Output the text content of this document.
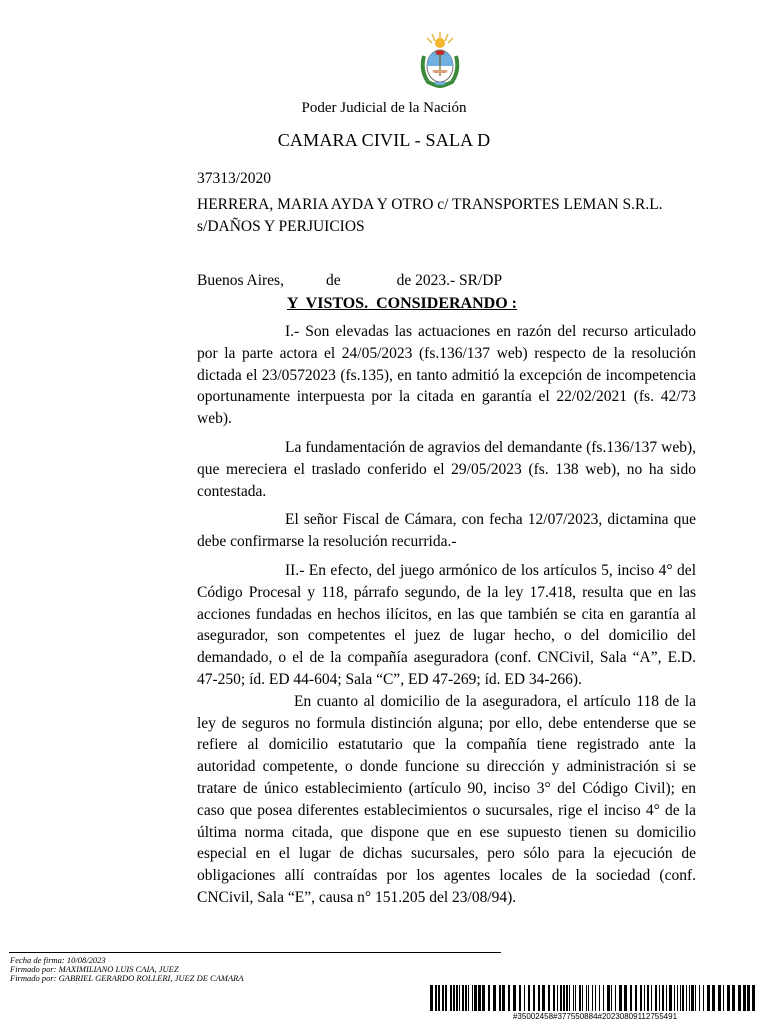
Poder Judicial de la Nación
CAMARA CIVIL - SALA D
37313/2020
HERRERA, MARIA AYDA Y OTRO c/ TRANSPORTES LEMAN S.R.L. s/DAÑOS Y PERJUICIOS
Buenos Aires,	de	de 2023.- SR/DP
Y  VISTOS.  CONSIDERANDO :

I.- Son elevadas las actuaciones en razón del recurso articulado por la parte actora el 24/05/2023 (fs.136/137 web) respecto de la resolución dictada el 23/0572023 (fs.135), en tanto admitió la excepción de incompetencia oportunamente interpuesta por la citada en garantía el 22/02/2021 (fs. 42/73 web).

La fundamentación de agravios del demandante (fs.136/137 web), que mereciera el traslado conferido el 29/05/2023 (fs. 138 web), no ha sido contestada.

El señor Fiscal de Cámara, con fecha 12/07/2023, dictamina que debe confirmarse la resolución recurrida.-

II.- En efecto, del juego armónico de los artículos 5, inciso 4° del Código Procesal y 118, párrafo segundo, de la ley 17.418, resulta que en las acciones fundadas en hechos ilícitos, en las que también se cita en garantía al asegurador, son competentes el juez de lugar hecho, o del domicilio del demandado, o el de la compañía aseguradora (conf. CNCivil, Sala “A”, E.D. 47-250; íd. ED 44-604; Sala “C”, ED 47-269; íd. ED 34-266).

En cuanto al domicilio de la aseguradora, el artículo 118 de la ley de seguros no formula distinción alguna; por ello, debe entenderse que se refiere al domicilio estatutario que la compañía tiene registrado ante la autoridad competente, o donde funcione su dirección y administración si se tratare de único establecimiento (artículo 90, inciso 3° del Código Civil); en caso que posea diferentes establecimientos o sucursales, rige el inciso 4° de la última norma citada, que dispone que en ese supuesto tienen su domicilio especial en el lugar de dichas sucursales, pero sólo para la ejecución de obligaciones allí contraídas por los agentes locales de la sociedad (conf. CNCivil, Sala “E”, causa n° 151.205 del 23/08/94).

Fecha de firma: 10/08/2023
Firmado por: MAXIMILIANO LUIS CAIA, JUEZ
Firmado por: GABRIEL GERARDO ROLLERI, JUEZ DE CAMARA
#35002458#377550884#20230809112755491
